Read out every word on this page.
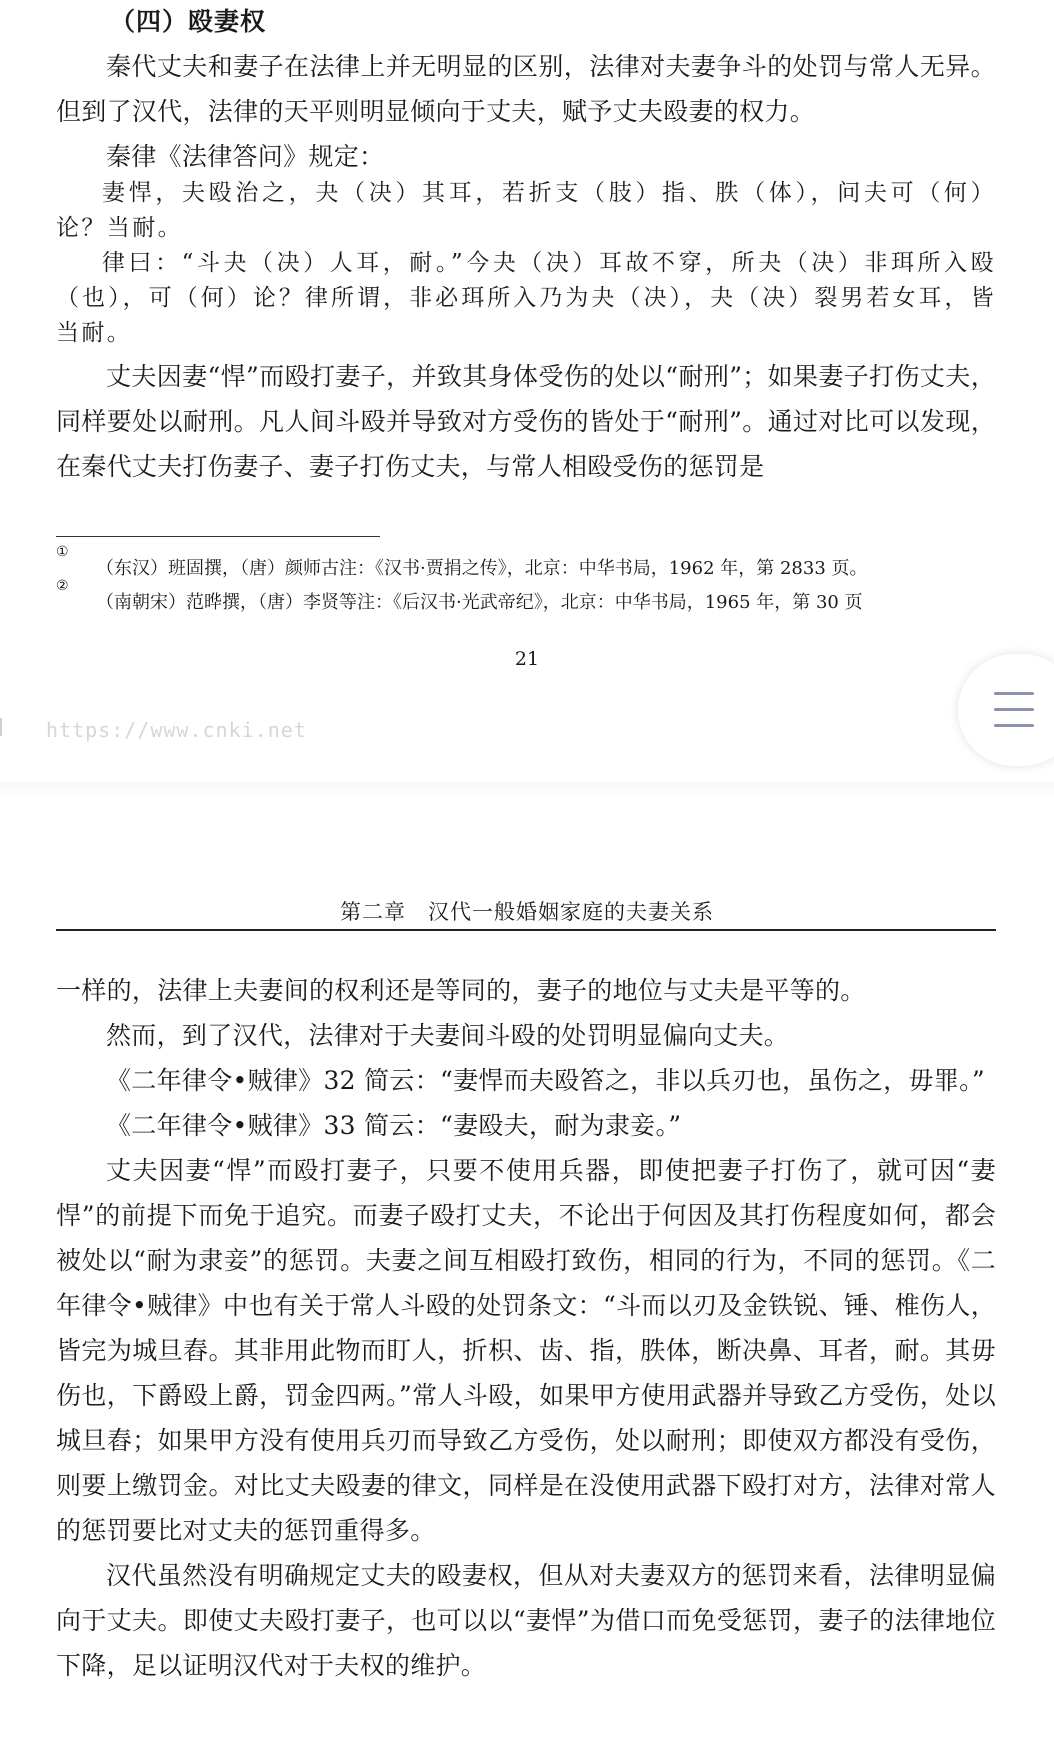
（四）殴妻权

秦代丈夫和妻子在法律上并无明显的区别，法律对夫妻争斗的处罚与常人无异。但到了汉代，法律的天平则明显倾向于丈夫，赋予丈夫殴妻的权力。

秦律《法律答问》规定：

妻悍，夫殴治之，夬（决）其耳，若折支（肢）指、胅（体），问夫可（何）论？当耐。

律曰：“斗夬（决）人耳，耐。”今夬（决）耳故不穿，所夬（决）非珥所入殴（也），可（何）论？律所谓，非必珥所入乃为夬（决），夬（决）裂男若女耳，皆当耐。

丈夫因妻“悍”而殴打妻子，并致其身体受伤的处以“耐刑”；如果妻子打伤丈夫，同样要处以耐刑。凡人间斗殴并导致对方受伤的皆处于“耐刑”。通过对比可以发现，在秦代丈夫打伤妻子、妻子打伤丈夫，与常人相殴受伤的惩罚是

①
（东汉）班固撰，（唐）颜师古注：《汉书·贾捐之传》，北京：中华书局，1962 年，第 2833 页。
②
（南朝宋）范晔撰，（唐）李贤等注：《后汉书·光武帝纪》，北京：中华书局，1965 年，第 30 页
21
https://www.cnki.net
第二章　汉代一般婚姻家庭的夫妻关系

一样的，法律上夫妻间的权利还是等同的，妻子的地位与丈夫是平等的。

然而，到了汉代，法律对于夫妻间斗殴的处罚明显偏向丈夫。

《二年律令•贼律》32 简云：“妻悍而夫殴笞之，非以兵刃也，虽伤之，毋罪。”

《二年律令•贼律》33 简云：“妻殴夫，耐为隶妾。”

丈夫因妻“悍”而殴打妻子，只要不使用兵器，即使把妻子打伤了，就可因“妻悍”的前提下而免于追究。而妻子殴打丈夫，不论出于何因及其打伤程度如何，都会被处以“耐为隶妾”的惩罚。夫妻之间互相殴打致伤，相同的行为，不同的惩罚。《二年律令•贼律》中也有关于常人斗殴的处罚条文：“斗而以刃及金铁锐、锤、椎伤人，皆完为城旦舂。其非用此物而盯人，折枳、齿、指，胅体，断决鼻、耳者，耐。其毋伤也，下爵殴上爵，罚金四两。”常人斗殴，如果甲方使用武器并导致乙方受伤，处以城旦舂；如果甲方没有使用兵刃而导致乙方受伤，处以耐刑；即使双方都没有受伤，则要上缴罚金。对比丈夫殴妻的律文，同样是在没使用武器下殴打对方，法律对常人的惩罚要比对丈夫的惩罚重得多。

汉代虽然没有明确规定丈夫的殴妻权，但从对夫妻双方的惩罚来看，法律明显偏向于丈夫。即使丈夫殴打妻子，也可以以“妻悍”为借口而免受惩罚，妻子的法律地位下降，足以证明汉代对于夫权的维护。
